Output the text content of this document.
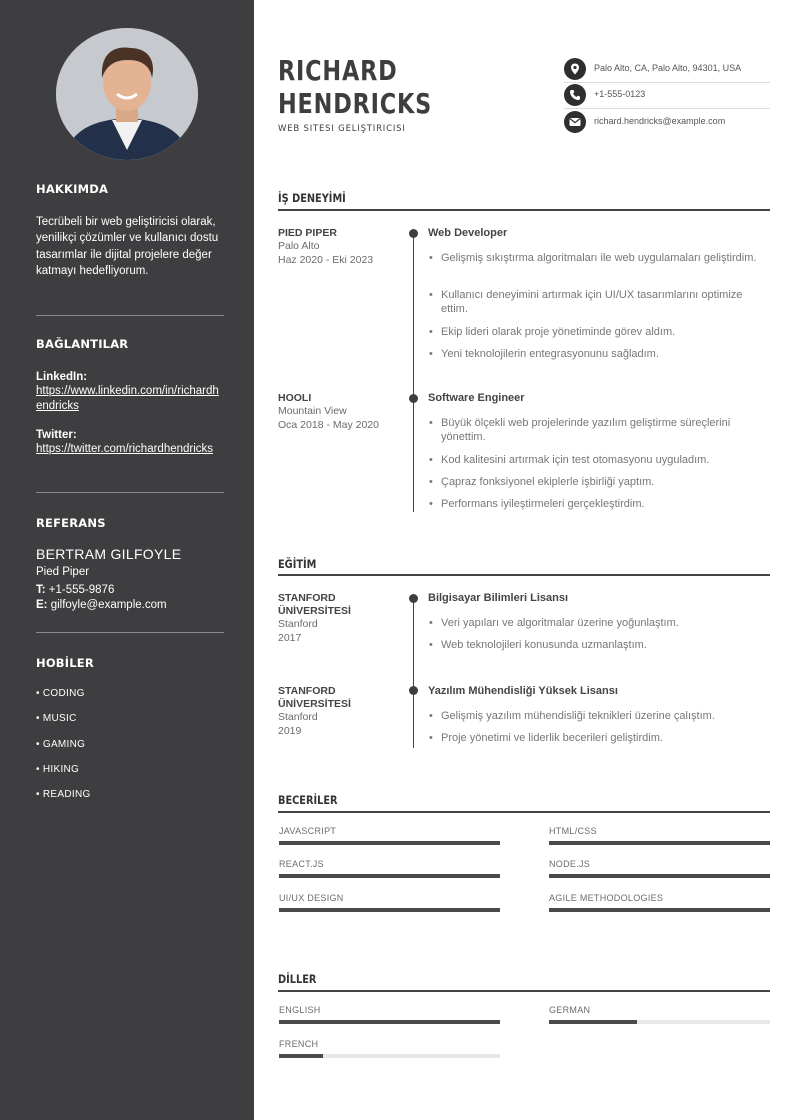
HAKKIMDA
Tecrübeli bir web geliştiricisi olarak, yenilikçi çözümler ve kullanıcı dostu tasarımlar ile dijital projelere değer katmayı hedefliyorum.
BAĞLANTILAR
LinkedIn:
https://www.linkedin.com/in/richardhendricks
Twitter:
https://twitter.com/richardhendricks
REFERANS
BERTRAM GILFOYLE
Pied Piper
T: +1-555-9876
E: gilfoyle@example.com
HOBİLER
• CODING
• MUSIC
• GAMING
• HIKING
• READING
RICHARD
HENDRICKS
WEB SITESI GELIŞTIRICISI
Palo Alto, CA, Palo Alto, 94301, USA
+1-555-0123
richard.hendricks@example.com
İŞ DENEYİMİ
PIED PIPER
Palo Alto
Haz 2020 - Eki 2023
Web Developer
• Gelişmiş sıkıştırma algoritmaları ile web uygulamaları geliştirdim.
• Kullanıcı deneyimini artırmak için UI/UX tasarımlarını optimize ettim.
• Ekip lideri olarak proje yönetiminde görev aldım.
• Yeni teknolojilerin entegrasyonunu sağladım.
HOOLI
Mountain View
Oca 2018 - May 2020
Software Engineer
• Büyük ölçekli web projelerinde yazılım geliştirme süreçlerini yönettim.
• Kod kalitesini artırmak için test otomasyonu uyguladım.
• Çapraz fonksiyonel ekiplerle işbirliği yaptım.
• Performans iyileştirmeleri gerçekleştirdim.
EĞİTİM
STANFORD ÜNİVERSİTESİ
Stanford
2017
Bilgisayar Bilimleri Lisansı
• Veri yapıları ve algoritmalar üzerine yoğunlaştım.
• Web teknolojileri konusunda uzmanlaştım.
STANFORD ÜNİVERSİTESİ
Stanford
2019
Yazılım Mühendisliği Yüksek Lisansı
• Gelişmiş yazılım mühendisliği teknikleri üzerine çalıştım.
• Proje yönetimi ve liderlik becerileri geliştirdim.
BECERİLER
JAVASCRIPT	HTML/CSS
REACT.JS	NODE.JS
UI/UX DESIGN	AGILE METHODOLOGIES
DİLLER
ENGLISH	GERMAN
FRENCH
